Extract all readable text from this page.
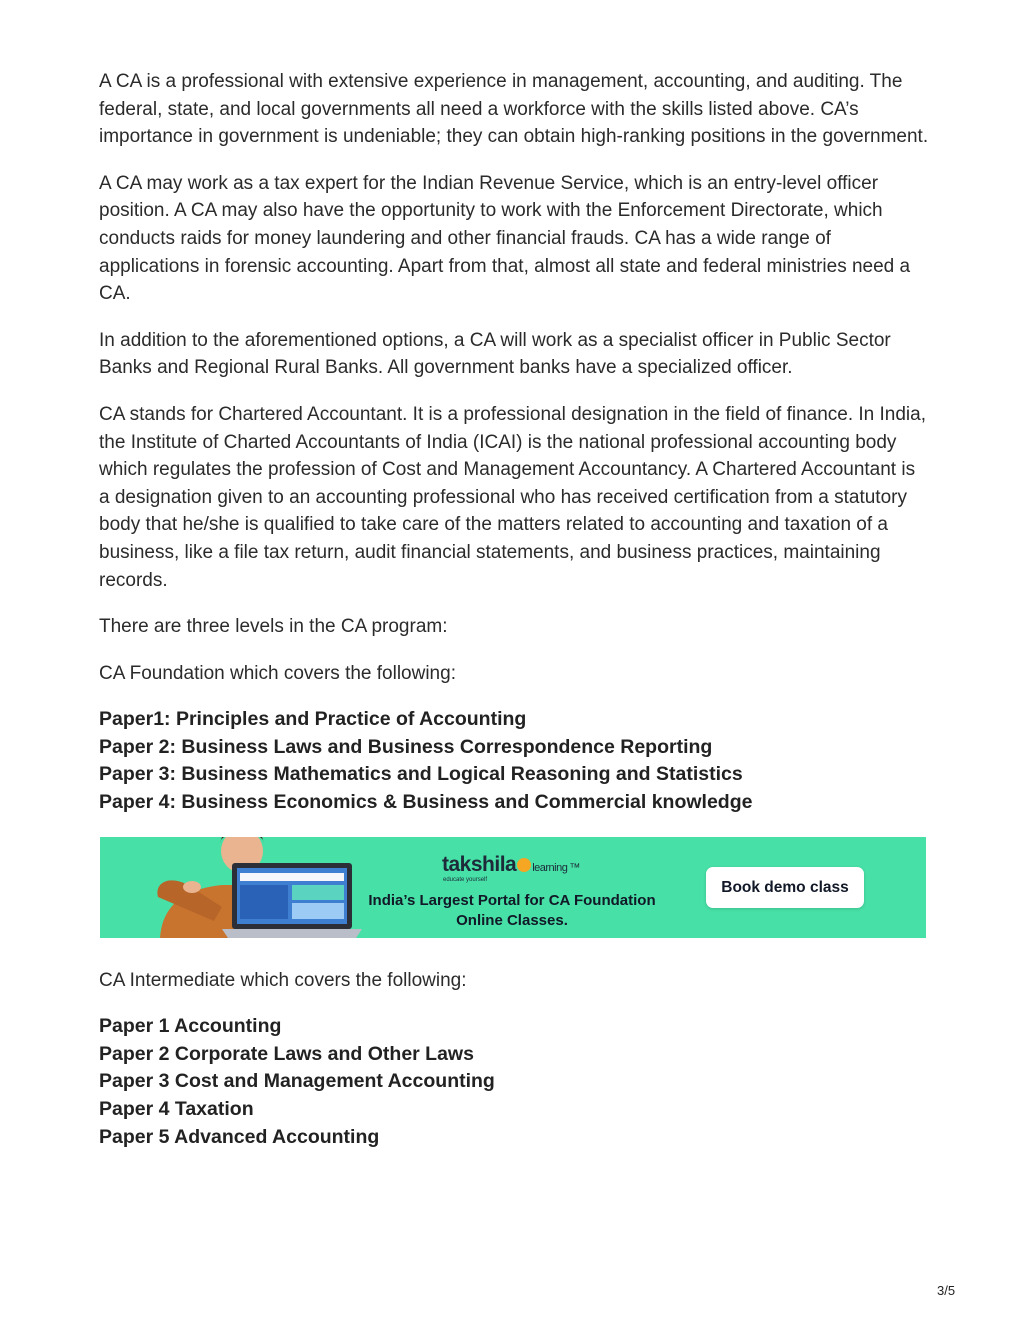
A CA is a professional with extensive experience in management, accounting, and auditing. The federal, state, and local governments all need a workforce with the skills listed above. CA’s importance in government is undeniable; they can obtain high-ranking positions in the government.

A CA may work as a tax expert for the Indian Revenue Service, which is an entry-level officer position. A CA may also have the opportunity to work with the Enforcement Directorate, which conducts raids for money laundering and other financial frauds. CA has a wide range of applications in forensic accounting. Apart from that, almost all state and federal ministries need a CA.

In addition to the aforementioned options, a CA will work as a specialist officer in Public Sector Banks and Regional Rural Banks. All government banks have a specialized officer.

CA stands for Chartered Accountant. It is a professional designation in the field of finance. In India, the Institute of Charted Accountants of India (ICAI) is the national professional accounting body which regulates the profession of Cost and Management Accountancy. A Chartered Accountant is a designation given to an accounting professional who has received certification from a statutory body that he/she is qualified to take care of the matters related to accounting and taxation of a business, like a file tax return, audit financial statements, and business practices, maintaining records.

There are three levels in the CA program:

CA Foundation which covers the following:

Paper1: Principles and Practice of Accounting
Paper 2: Business Laws and Business Correspondence Reporting
Paper 3: Business Mathematics and Logical Reasoning and Statistics
Paper 4: Business Economics & Business and Commercial knowledge
takshila learning ™
educate yourself
India’s Largest Portal for CA Foundation
Online Classes.
Book demo class

CA Intermediate which covers the following:

Paper 1 Accounting
Paper 2 Corporate Laws and Other Laws
Paper 3 Cost and Management Accounting
Paper 4 Taxation
Paper 5 Advanced Accounting
3/5
